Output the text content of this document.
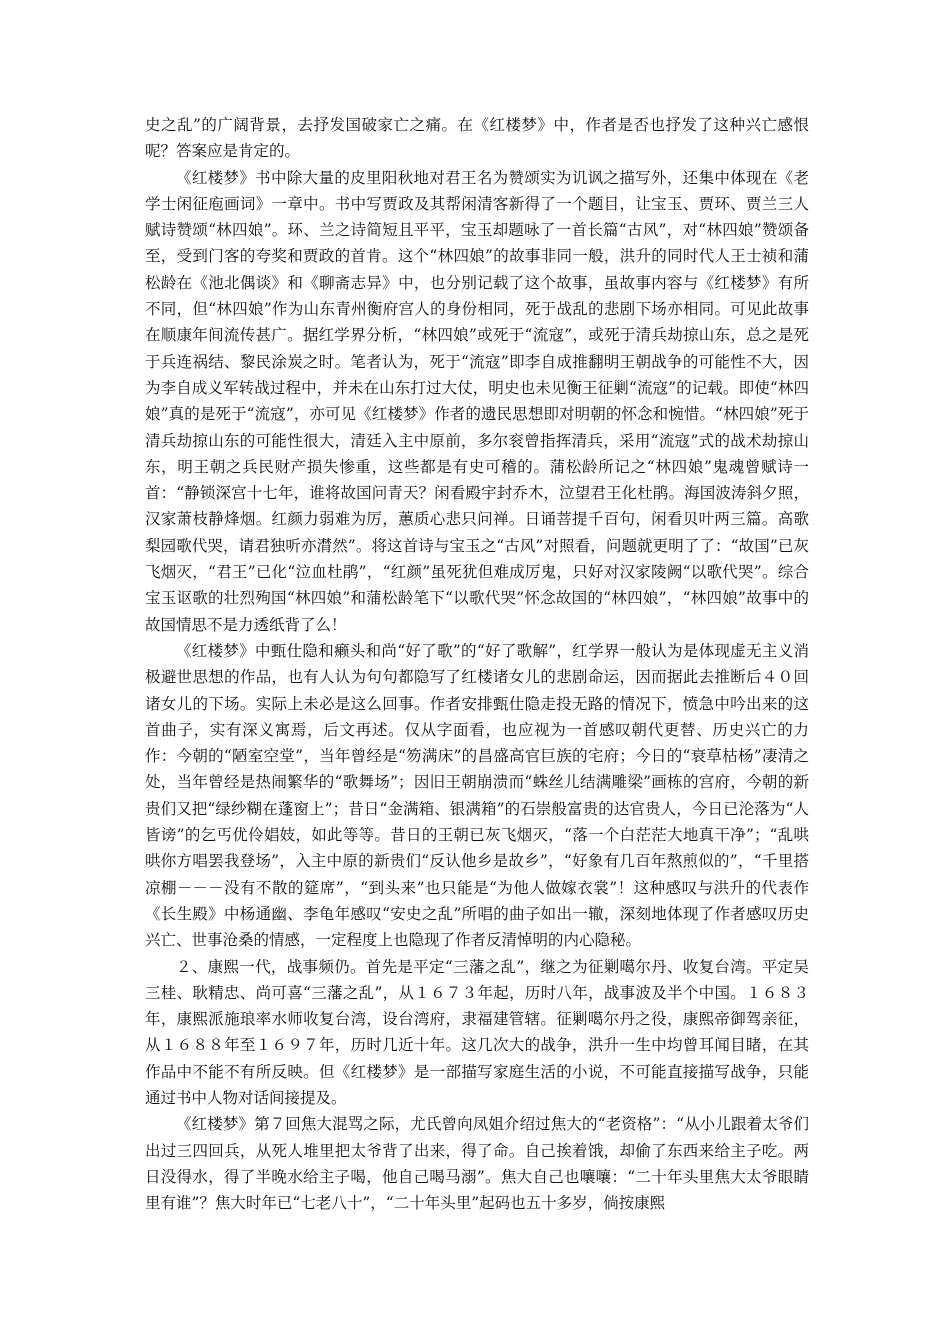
史之乱”的广阔背景，去抒发国破家亡之痛。在《红楼梦》中，作者是否也抒发了这种兴亡感恨呢？答案应是肯定的。

《红楼梦》书中除大量的皮里阳秋地对君王名为赞颂实为讥讽之描写外，还集中体现在《老学士闲征庖画词》一章中。书中写贾政及其帮闲清客新得了一个题目，让宝玉、贾环、贾兰三人赋诗赞颂“林四娘”。环、兰之诗简短且平平，宝玉却题咏了一首长篇“古风”，对“林四娘”赞颂备至，受到门客的夸奖和贾政的首肯。这个“林四娘”的故事非同一般，洪升的同时代人王士祯和蒲松龄在《池北偶谈》和《聊斋志异》中，也分别记载了这个故事，虽故事内容与《红楼梦》有所不同，但“林四娘”作为山东青州衡府宫人的身份相同，死于战乱的悲剧下场亦相同。可见此故事在顺康年间流传甚广。据红学界分析，“林四娘”或死于“流寇”，或死于清兵劫掠山东，总之是死于兵连祸结、黎民涂炭之时。笔者认为，死于“流寇”即李自成推翻明王朝战争的可能性不大，因为李自成义军转战过程中，并未在山东打过大仗，明史也未见衡王征剿“流寇”的记载。即使“林四娘”真的是死于“流寇”，亦可见《红楼梦》作者的遗民思想即对明朝的怀念和惋惜。“林四娘”死于清兵劫掠山东的可能性很大，清廷入主中原前，多尔衮曾指挥清兵，采用“流寇”式的战术劫掠山东，明王朝之兵民财产损失惨重，这些都是有史可稽的。蒲松龄所记之“林四娘”鬼魂曾赋诗一首：“静锁深宫十七年，谁将故国问青天？闲看殿宇封乔木，泣望君王化杜鹃。海国波涛斜夕照，汉家萧枝静烽烟。红颜力弱难为厉，蕙质心悲只问禅。日诵菩提千百句，闲看贝叶两三篇。高歌梨园歌代哭，请君独听亦潸然”。将这首诗与宝玉之“古风”对照看，问题就更明了了：“故国”已灰飞烟灭，“君王”已化“泣血杜鹃”，“红颜”虽死犹但难成厉鬼，只好对汉家陵阙“以歌代哭”。综合宝玉讴歌的壮烈殉国“林四娘”和蒲松龄笔下“以歌代哭”怀念故国的“林四娘”，“林四娘”故事中的故国情思不是力透纸背了么！

《红楼梦》中甄仕隐和癞头和尚“好了歌”的“好了歌解”，红学界一般认为是体现虚无主义消极避世思想的作品，也有人认为句句都隐写了红楼诸女儿的悲剧命运，因而据此去推断后４０回诸女儿的下场。实际上未必是这么回事。作者安排甄仕隐走投无路的情况下，愤急中吟出来的这首曲子，实有深义寓焉，后文再述。仅从字面看，也应视为一首感叹朝代更替、历史兴亡的力作：今朝的“陋室空堂”，当年曾经是“笏满床”的昌盛高官巨族的宅府；今日的“衰草枯杨”凄清之处，当年曾经是热闹繁华的“歌舞场”；因旧王朝崩溃而“蛛丝儿结满雕梁”画栋的宫府，今朝的新贵们又把“绿纱糊在蓬窗上”；昔日“金满箱、银满箱”的石崇般富贵的达官贵人，今日已沦落为“人皆谤”的乞丐优伶娼妓，如此等等。昔日的王朝已灰飞烟灭，“落一个白茫茫大地真干净”；“乱哄哄你方唱罢我登场”，入主中原的新贵们“反认他乡是故乡”，“好象有几百年熬煎似的”，“千里搭凉棚－－－没有不散的筵席”，“到头来”也只能是“为他人做嫁衣裳”！这种感叹与洪升的代表作《长生殿》中杨通幽、李龟年感叹“安史之乱”所唱的曲子如出一辙，深刻地体现了作者感叹历史兴亡、世事沧桑的情感，一定程度上也隐现了作者反清悼明的内心隐秘。

２、康熙一代，战事频仍。首先是平定“三藩之乱”，继之为征剿噶尔丹、收复台湾。平定吴三桂、耿精忠、尚可喜“三藩之乱”，从１６７３年起，历时八年，战事波及半个中国。１６８３年，康熙派施琅率水师收复台湾，设台湾府，隶福建管辖。征剿噶尔丹之役，康熙帝御驾亲征，从１６８８年至１６９７年，历时几近十年。这几次大的战争，洪升一生中均曾耳闻目睹，在其作品中不能不有所反映。但《红楼梦》是一部描写家庭生活的小说，不可能直接描写战争，只能通过书中人物对话间接提及。

《红楼梦》第７回焦大混骂之际，尤氏曾向凤姐介绍过焦大的“老资格”：“从小儿跟着太爷们出过三四回兵，从死人堆里把太爷背了出来，得了命。自己挨着饿，却偷了东西来给主子吃。两日没得水，得了半晚水给主子喝，他自己喝马溺”。焦大自己也嚷嚷：“二十年头里焦大太爷眼睛里有谁”？焦大时年已“七老八十”，“二十年头里”起码也五十多岁，倘按康熙
